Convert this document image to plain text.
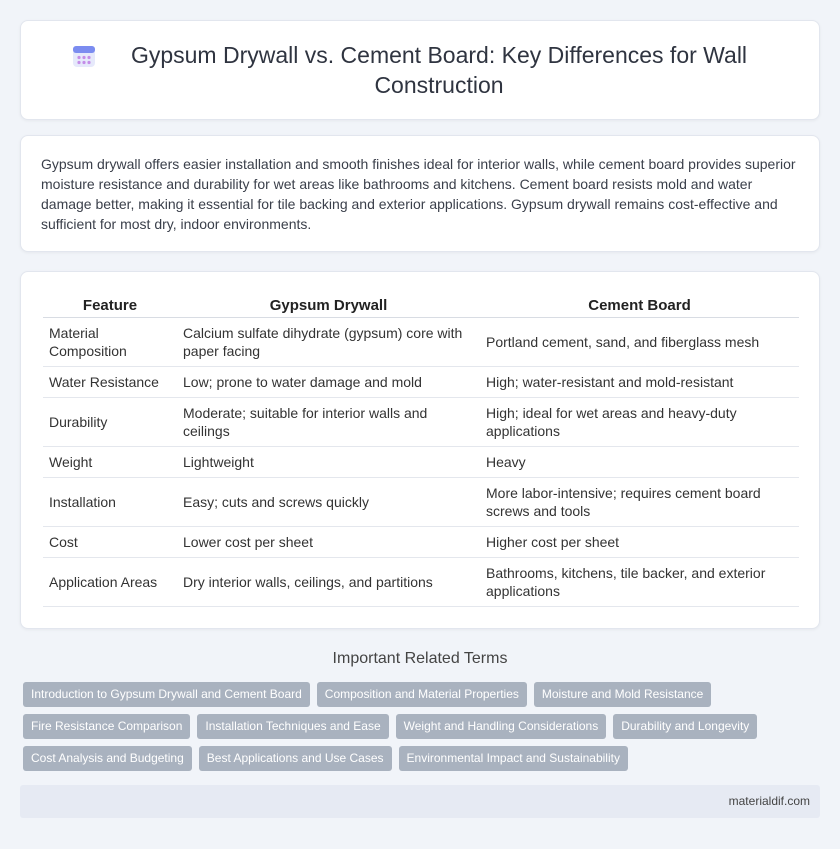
Gypsum Drywall vs. Cement Board: Key Differences for Wall Construction

Gypsum drywall offers easier installation and smooth finishes ideal for interior walls, while cement board provides superior moisture resistance and durability for wet areas like bathrooms and kitchens. Cement board resists mold and water damage better, making it essential for tile backing and exterior applications. Gypsum drywall remains cost-effective and sufficient for most dry, indoor environments.

Feature	Gypsum Drywall	Cement Board
Material Composition	Calcium sulfate dihydrate (gypsum) core with paper facing	Portland cement, sand, and fiberglass mesh
Water Resistance	Low; prone to water damage and mold	High; water-resistant and mold-resistant
Durability	Moderate; suitable for interior walls and ceilings	High; ideal for wet areas and heavy-duty applications
Weight	Lightweight	Heavy
Installation	Easy; cuts and screws quickly	More labor-intensive; requires cement board screws and tools
Cost	Lower cost per sheet	Higher cost per sheet
Application Areas	Dry interior walls, ceilings, and partitions	Bathrooms, kitchens, tile backer, and exterior applications
Important Related Terms
Introduction to Gypsum Drywall and Cement Board	Composition and Material Properties	Moisture and Mold Resistance
Fire Resistance Comparison	Installation Techniques and Ease	Weight and Handling Considerations	Durability and Longevity
Cost Analysis and Budgeting	Best Applications and Use Cases	Environmental Impact and Sustainability
materialdif.com
